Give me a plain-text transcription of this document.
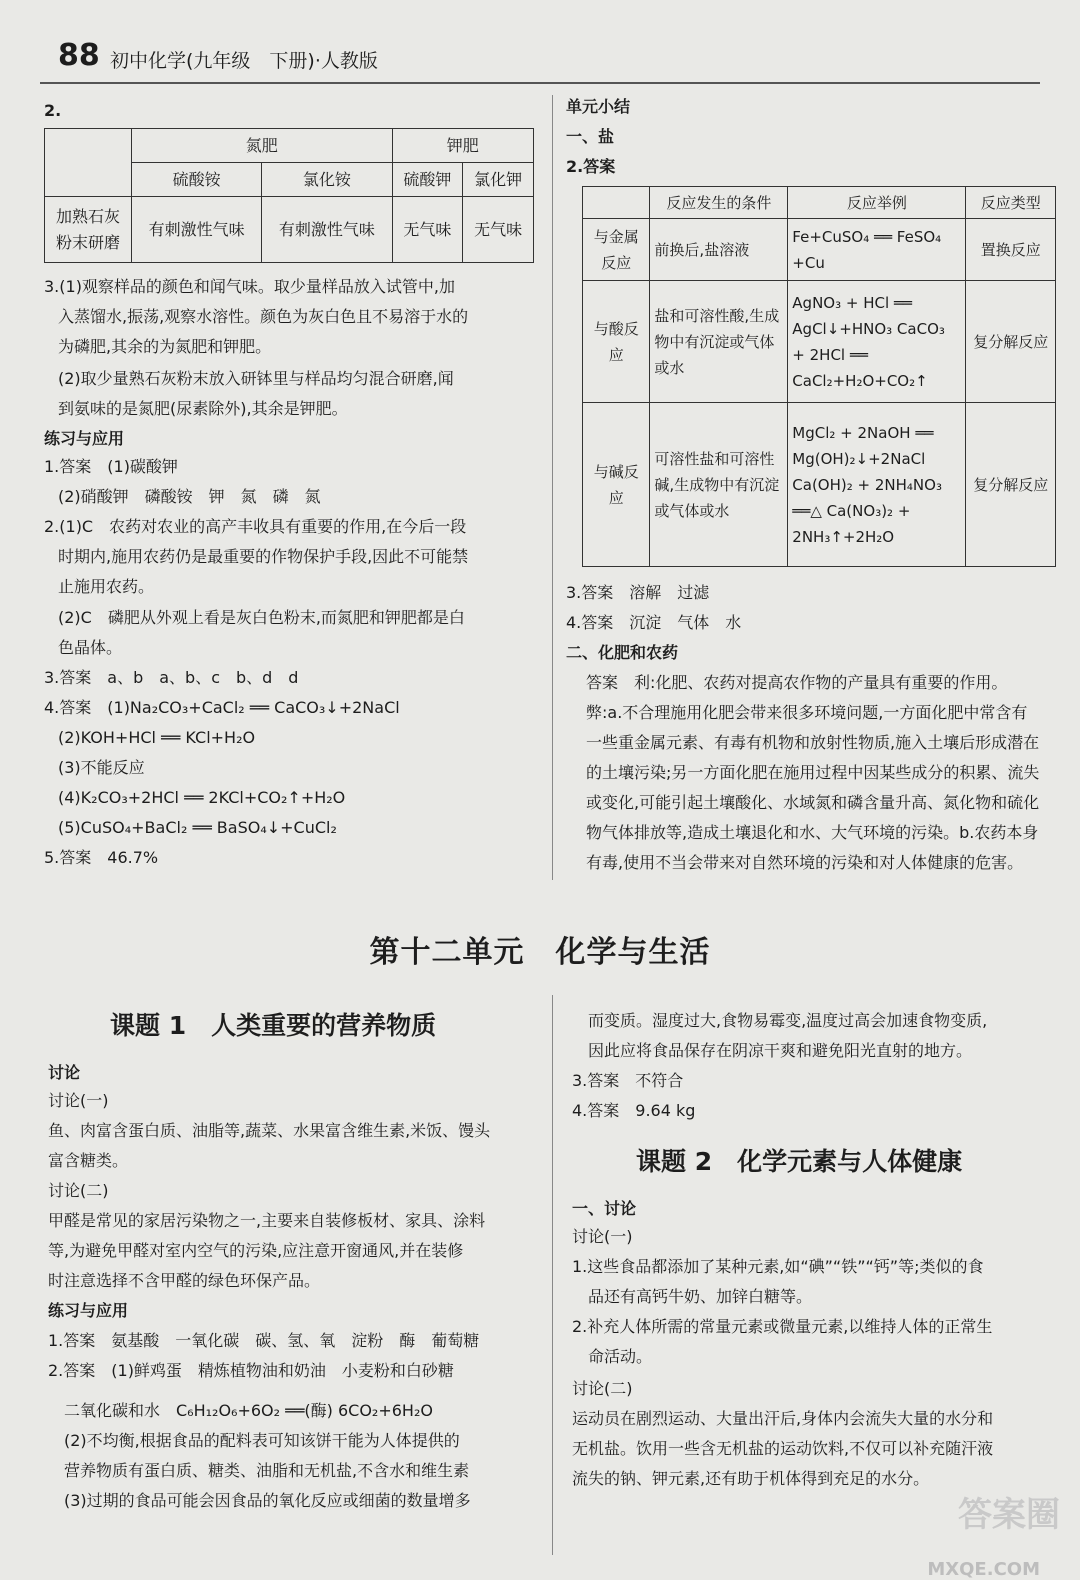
88 初中化学(九年级　下册)·人教版
2.
	氮肥		钾肥	
	硫酸铵	氯化铵	硫酸钾	氯化钾

加熟石灰
粉末研磨	有刺激性气味	有刺激性气味	无气味	无气味
3.(1)观察样品的颜色和闻气味。取少量样品放入试管中,加
入蒸馏水,振荡,观察水溶性。颜色为灰白色且不易溶于水的
为磷肥,其余的为氮肥和钾肥。
(2)取少量熟石灰粉末放入研钵里与样品均匀混合研磨,闻
到氨味的是氮肥(尿素除外),其余是钾肥。
练习与应用
1.答案　(1)碳酸钾
(2)硝酸钾　磷酸铵　钾　氮　磷　氮
2.(1)C　农药对农业的高产丰收具有重要的作用,在今后一段
时期内,施用农药仍是最重要的作物保护手段,因此不可能禁
止施用农药。
(2)C　磷肥从外观上看是灰白色粉末,而氮肥和钾肥都是白
色晶体。
3.答案　a、b　a、b、c　b、d　d
4.答案　(1)Na₂CO₃+CaCl₂ ══ CaCO₃↓+2NaCl
(2)KOH+HCl ══ KCl+H₂O
(3)不能反应
(4)K₂CO₃+2HCl ══ 2KCl+CO₂↑+H₂O
(5)CuSO₄+BaCl₂ ══ BaSO₄↓+CuCl₂
5.答案　46.7%
单元小结
一、盐
2.答案
	反应发生的条件	反应举例	反应类型
与金属反应	前换后,盐溶液	Fe+CuSO₄ ══ FeSO₄ +Cu	置换反应
与酸反应	盐和可溶性酸,生成物中有沉淀或气体或水	AgNO₃ + HCl ══ AgCl↓+HNO₃ CaCO₃ + 2HCl ══ CaCl₂+H₂O+CO₂↑	复分解反应
与碱反应	可溶性盐和可溶性碱,生成物中有沉淀或气体或水	MgCl₂ + 2NaOH ══ Mg(OH)₂↓+2NaCl Ca(OH)₂ + 2NH₄NO₃ ══△ Ca(NO₃)₂ + 2NH₃↑+2H₂O	复分解反应
3.答案　溶解　过滤
4.答案　沉淀　气体　水
二、化肥和农药
答案　利:化肥、农药对提高农作物的产量具有重要的作用。
弊:a.不合理施用化肥会带来很多环境问题,一方面化肥中常含有
一些重金属元素、有毒有机物和放射性物质,施入土壤后形成潜在
的土壤污染;另一方面化肥在施用过程中因某些成分的积累、流失
或变化,可能引起土壤酸化、水域氮和磷含量升高、氮化物和硫化
物气体排放等,造成土壤退化和水、大气环境的污染。b.农药本身
有毒,使用不当会带来对自然环境的污染和对人体健康的危害。
第十二单元　化学与生活
课题 1　人类重要的营养物质
讨论
讨论(一)
鱼、肉富含蛋白质、油脂等,蔬菜、水果富含维生素,米饭、馒头
富含糖类。
讨论(二)
甲醛是常见的家居污染物之一,主要来自装修板材、家具、涂料
等,为避免甲醛对室内空气的污染,应注意开窗通风,并在装修
时注意选择不含甲醛的绿色环保产品。
练习与应用
1.答案　氨基酸　一氧化碳　碳、氢、氧　淀粉　酶　葡萄糖
2.答案　(1)鲜鸡蛋　精炼植物油和奶油　小麦粉和白砂糖
二氧化碳和水　C₆H₁₂O₆+6O₂ ══(酶) 6CO₂+6H₂O
(2)不均衡,根据食品的配料表可知该饼干能为人体提供的
营养物质有蛋白质、糖类、油脂和无机盐,不含水和维生素
(3)过期的食品可能会因食品的氧化反应或细菌的数量增多
而变质。湿度过大,食物易霉变,温度过高会加速食物变质,
因此应将食品保存在阴凉干爽和避免阳光直射的地方。
3.答案　不符合
4.答案　9.64 kg
课题 2　化学元素与人体健康
一、讨论
讨论(一)
1.这些食品都添加了某种元素,如“碘”“铁”“钙”等;类似的食
品还有高钙牛奶、加锌白糖等。
2.补充人体所需的常量元素或微量元素,以维持人体的正常生
命活动。
讨论(二)
运动员在剧烈运动、大量出汗后,身体内会流失大量的水分和
无机盐。饮用一些含无机盐的运动饮料,不仅可以补充随汗液
流失的钠、钾元素,还有助于机体得到充足的水分。
答案圈
MXQE.COM
